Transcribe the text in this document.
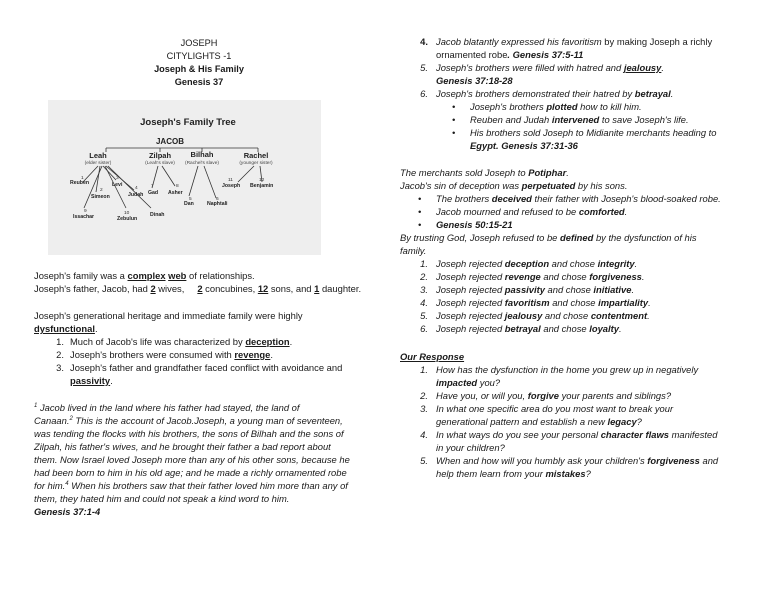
JOSEPH
CITYLIGHTS -1
Joseph & His Family
Genesis 37
Joseph's Family Tree
JACOB
Leah	Zilpah	Bilhah	Rachel
(elder sister)	(Leah's slave) (Rachel's slave)	(younger sister)
1
2
3
4
5
7	8
6
9	10
11	12
Reuben
Simeon
Levi
Judah Gad Asher
Dan	Naphtali
Joseph Benjamin
Issachar	Zebulun
Dinah
Joseph's family was a complex web of relationships.
Joseph's father, Jacob, had 2 wives,     2 concubines, 12 sons, and 1 daughter.
Joseph's generational heritage and immediate family were highly
dysfunctional.
1. Much of Jacob's life was characterized by deception.
2. Joseph's brothers were consumed with revenge.
3. Joseph's father and grandfather faced conflict with avoidance and
passivity.
$^1$ Jacob lived in the land where his father had stayed, the land of
Canaan.$^2$ This is the account of Jacob.Joseph, a young man of seventeen,
was tending the flocks with his brothers, the sons of Bilhah and the sons of
Zilpah, his father's wives, and he brought their father a bad report about
them. Now Israel loved Joseph more than any of his other sons, because he
had been born to him in his old age; and he made a richly ornamented robe
for him.$^4$ When his brothers saw that their father loved him more than any of
them, they hated him and could not speak a kind word to him.
Genesis 37:1-4
4. Jacob blatantly expressed his favoritism by making Joseph a richly
ornamented robe. Genesis 37:5-11
5. Joseph's brothers were filled with hatred and jealousy.
Genesis 37:18-28
6. Joseph's brothers demonstrated their hatred by betrayal.
• Joseph's brothers plotted how to kill him.
• Reuben and Judah intervened to save Joseph's life.
• His brothers sold Joseph to Midianite merchants heading to
Egypt. Genesis 37:31-36
The merchants sold Joseph to Potiphar.
Jacob's sin of deception was perpetuated by his sons.
• The brothers deceived their father with Joseph's blood-soaked robe.
• Jacob mourned and refused to be comforted.
• Genesis 50:15-21
By trusting God, Joseph refused to be defined by the dysfunction of his
family.
1. Joseph rejected deception and chose integrity.
2. Joseph rejected revenge and chose forgiveness.
3. Joseph rejected passivity and chose initiative.
4. Joseph rejected favoritism and chose impartiality.
5. Joseph rejected jealousy and chose contentment.
6. Joseph rejected betrayal and chose loyalty.
Our Response
1. How has the dysfunction in the home you grew up in negatively
impacted you?
2. Have you, or will you, forgive your parents and siblings?
3. In what one specific area do you most want to break your
generational pattern and establish a new legacy?
4. In what ways do you see your personal character flaws manifested
in your children?
5. When and how will you humbly ask your children's forgiveness and
help them learn from your mistakes?
